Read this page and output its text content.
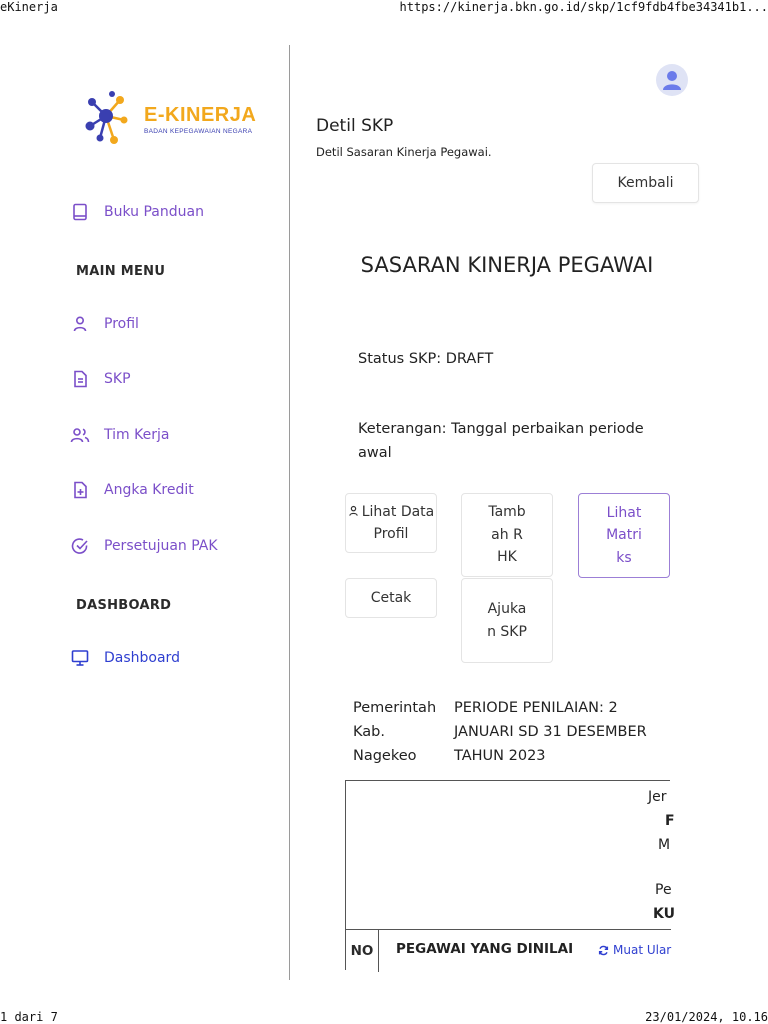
eKinerja	https://kinerja.bkn.go.id/skp/1cf9fdb4fbe34341b1...
1 dari 7	23/01/2024, 10.16
E-KINERJA
BADAN KEPEGAWAIAN NEGARA
Buku Panduan
MAIN MENU
Profil
SKP
Tim Kerja
Angka Kredit
Persetujuan PAK
DASHBOARD
Dashboard
Detil SKP
Detil Sasaran Kinerja Pegawai.
Kembali
SASARAN KINERJA PEGAWAI
Status SKP: DRAFT
Keterangan: Tanggal perbaikan periode awal
Lihat Data Profil
Tambah RHK
Lihat Matriks
Cetak
Ajukan SKP
Pemerintah Kab. Nagekeo
PERIODE PENILAIAN: 2 JANUARI SD 31 DESEMBER TAHUN 2023
Jer
F
M
Pe
KU
NO	PEGAWAI YANG DINILAI	Muat Ular
